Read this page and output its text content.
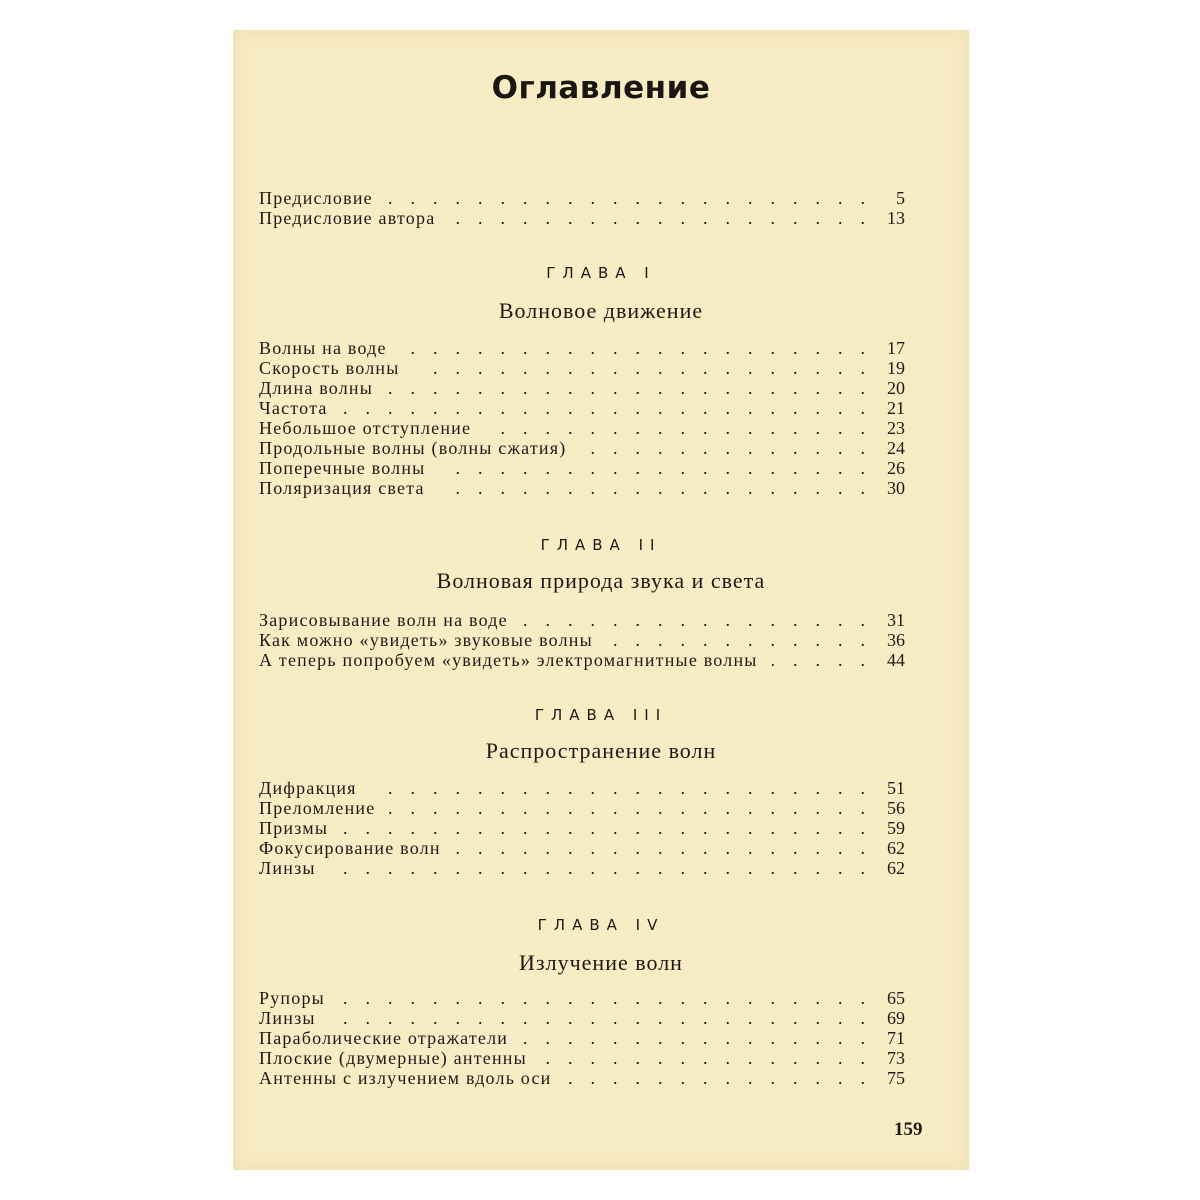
Оглавление
Предисловие .	5
Предисловие автора .	13
ГЛАВА I
Волновое движение
Волны на воде .	17
Скорость волны .	19
Длина волны .	20
Частота .	21
Небольшое отступление .	23
Продольные волны (волны сжатия) .	24
Поперечные волны .	26
Поляризация света .	30
ГЛАВА II
Волновая природа звука и света
Зарисовывание волн на воде .	31
Как можно «увидеть» звуковые волны .	36
А теперь попробуем «увидеть» электромагнитные волны .	44
ГЛАВА III
Распространение волн
Дифракция .	51
Преломление .	56
Призмы .	59
Фокусирование волн .	62
Линзы .	62
ГЛАВА IV
Излучение волн
Рупоры .	65
Линзы .	69
Параболические отражатели .	71
Плоские (двумерные) антенны .	73
Антенны с излучением вдоль оси .	75
159
